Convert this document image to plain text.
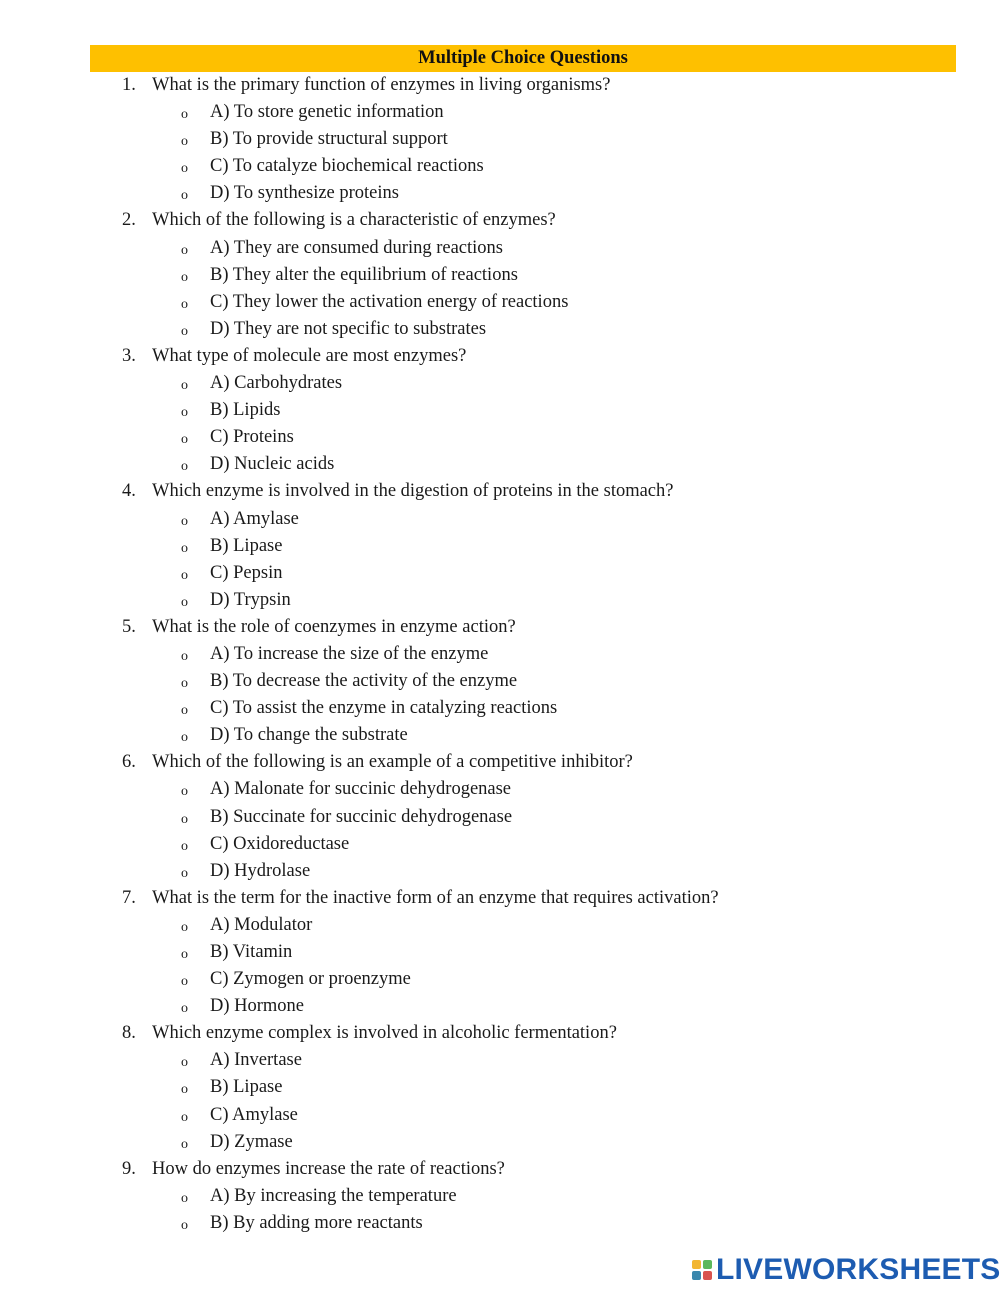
Multiple Choice Questions
1. What is the primary function of enzymes in living organisms?
o A) To store genetic information
o B) To provide structural support
o C) To catalyze biochemical reactions
o D) To synthesize proteins
2. Which of the following is a characteristic of enzymes?
o A) They are consumed during reactions
o B) They alter the equilibrium of reactions
o C) They lower the activation energy of reactions
o D) They are not specific to substrates
3. What type of molecule are most enzymes?
o A) Carbohydrates
o B) Lipids
o C) Proteins
o D) Nucleic acids
4. Which enzyme is involved in the digestion of proteins in the stomach?
o A) Amylase
o B) Lipase
o C) Pepsin
o D) Trypsin
5. What is the role of coenzymes in enzyme action?
o A) To increase the size of the enzyme
o B) To decrease the activity of the enzyme
o C) To assist the enzyme in catalyzing reactions
o D) To change the substrate
6. Which of the following is an example of a competitive inhibitor?
o A) Malonate for succinic dehydrogenase
o B) Succinate for succinic dehydrogenase
o C) Oxidoreductase
o D) Hydrolase
7. What is the term for the inactive form of an enzyme that requires activation?
o A) Modulator
o B) Vitamin
o C) Zymogen or proenzyme
o D) Hormone
8. Which enzyme complex is involved in alcoholic fermentation?
o A) Invertase
o B) Lipase
o C) Amylase
o D) Zymase
9. How do enzymes increase the rate of reactions?
o A) By increasing the temperature
o B) By adding more reactants
LIVEWORKSHEETS
